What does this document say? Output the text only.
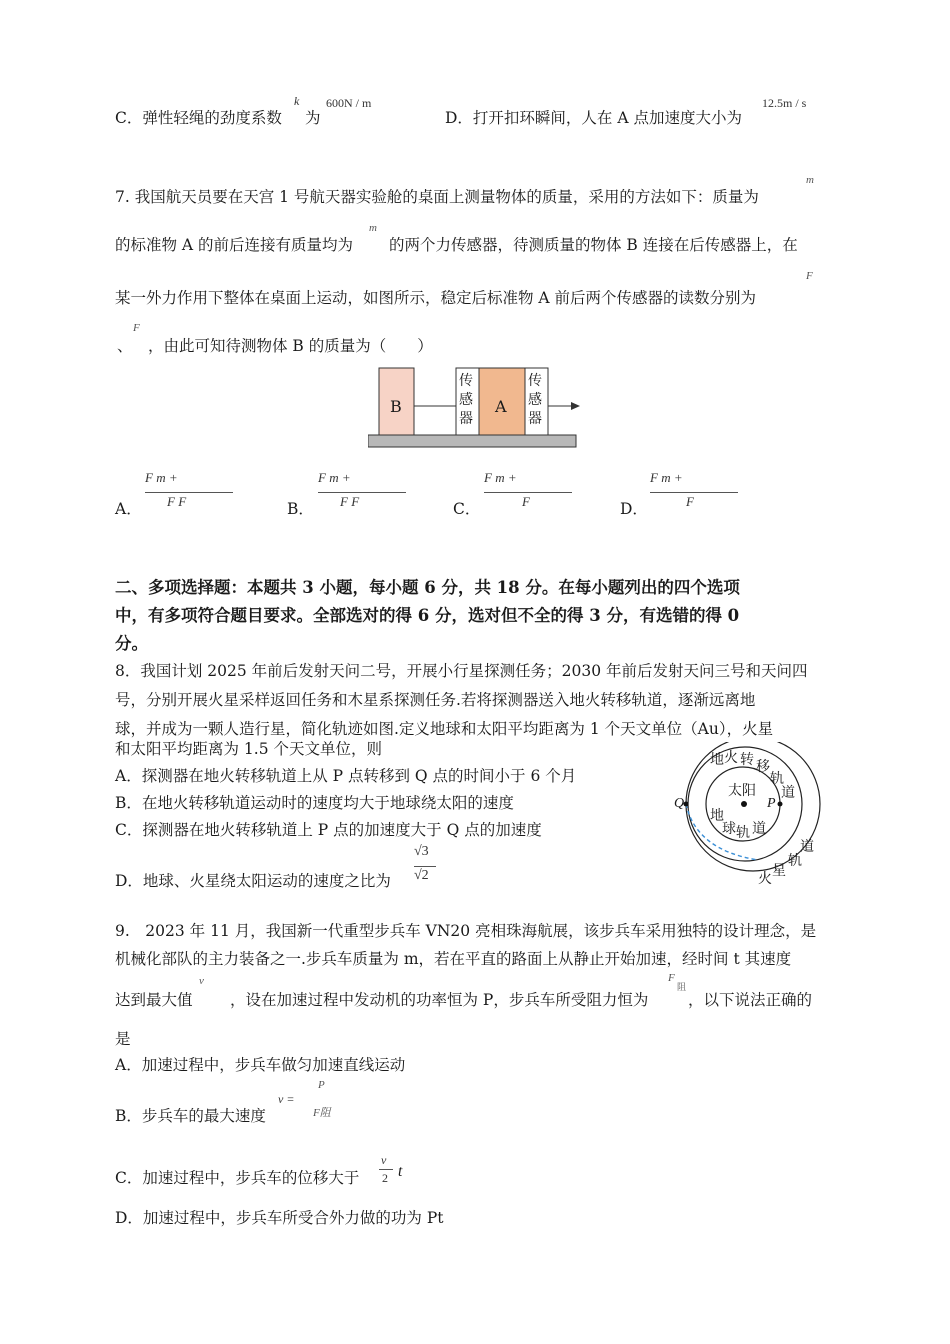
C．弹性轻绳的劲度系数
k
为
600N / m
D．打开扣环瞬间，人在 A 点加速度大小为
12.5m / s
7. 我国航天员要在天宫 1 号航天器实验舱的桌面上测量物体的质量，采用的方法如下：质量为
m
的标准物 A 的前后连接有质量均为
m
的两个力传感器，待测质量的物体 B 连接在后传感器上，在
某一外力作用下整体在桌面上运动，如图所示，稳定后标准物 A 前后两个传感器的读数分别为
F
、
F
，由此可知待测物体 B 的质量为（　　）
B	A
传
感
器
传
感
器
A．
F m +
F F	B．
F m +
F F	C．
F m +
F	D．
F m +
F
二、多项选择题：本题共 3 小题，每小题 6 分，共 18 分。在每小题列出的四个选项
中，有多项符合题目要求。全部选对的得 6 分，选对但不全的得 3 分，有选错的得 0
分。
8．我国计划 2025 年前后发射天问二号，开展小行星探测任务；2030 年前后发射天问三号和天问四
号，分别开展火星采样返回任务和木星系探测任务.若将探测器送入地火转移轨道，逐渐远离地
球，并成为一颗人造行星，简化轨迹如图.定义地球和太阳平均距离为 1 个天文单位（Au），火星
和太阳平均距离为 1.5 个天文单位，则
A．探测器在地火转移轨道上从 P 点转移到 Q 点的时间小于 6 个月
B．在地火转移轨道运动时的速度均大于地球绕太阳的速度
C．探测器在地火转移轨道上 P 点的加速度大于 Q 点的加速度
D．地球、火星绕太阳运动的速度之比为
√3
√2
地 火 转 移
轨
道
太阳
Q	P
地
球 轨 道
火 星
轨
道
9.　2023 年 11 月，我国新一代重型步兵车 VN20 亮相珠海航展，该步兵车采用独特的设计理念，是
机械化部队的主力装备之一.步兵车质量为 m，若在平直的路面上从静止开始加速，经时间 t 其速度
达到最大值
v
，设在加速过程中发动机的功率恒为 P，步兵车所受阻力恒为
F
阻
，以下说法正确的
是
A．加速过程中，步兵车做匀加速直线运动
B．步兵车的最大速度
v =
P
F阻
C．加速过程中，步兵车的位移大于
v
2 t
D．加速过程中，步兵车所受合外力做的功为 Pt
